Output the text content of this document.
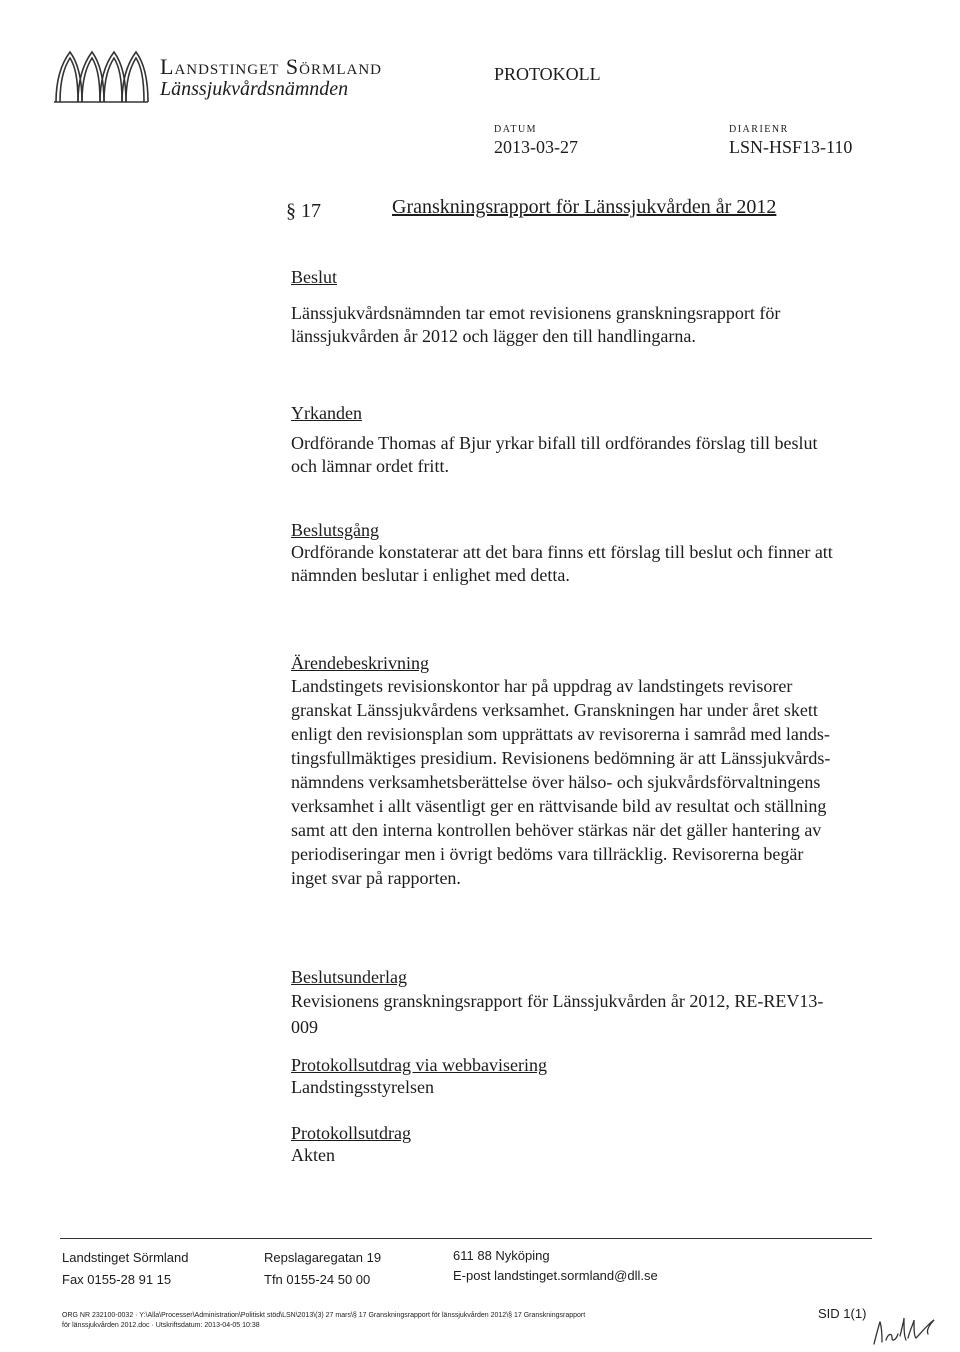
Landstinget Sörmland
Länssjukvårdsnämnden
PROTOKOLL
DATUM
2013-03-27
DIARIENR
LSN-HSF13-110
§ 17	Granskningsrapport för Länssjukvården år 2012
Beslut
Länssjukvårdsnämnden tar emot revisionens granskningsrapport för
länssjukvården år 2012 och lägger den till handlingarna.
Yrkanden
Ordförande Thomas af Bjur yrkar bifall till ordförandes förslag till beslut
och lämnar ordet fritt.
Beslutsgång
Ordförande konstaterar att det bara finns ett förslag till beslut och finner att
nämnden beslutar i enlighet med detta.
Ärendebeskrivning
Landstingets revisionskontor har på uppdrag av landstingets revisorer
granskat Länssjukvårdens verksamhet. Granskningen har under året skett
enligt den revisionsplan som upprättats av revisorerna i samråd med lands-
tingsfullmäktiges presidium. Revisionens bedömning är att Länssjukvårds-
nämndens verksamhetsberättelse över hälso- och sjukvårdsförvaltningens
verksamhet i allt väsentligt ger en rättvisande bild av resultat och ställning
samt att den interna kontrollen behöver stärkas när det gäller hantering av
periodiseringar men i övrigt bedöms vara tillräcklig. Revisorerna begär
inget svar på rapporten.
Beslutsunderlag
Revisionens granskningsrapport för Länssjukvården år 2012, RE-REV13-
009
Protokollsutdrag via webbavisering
Landstingsstyrelsen
Protokollsutdrag
Akten
Landstinget Sörmland
Fax 0155-28 91 15
Repslagaregatan 19
Tfn 0155-24 50 00
611 88 Nyköping
E-post landstinget.sormland@dll.se
ORG NR 232100-0032 · Y:\Alla\Processer\Administration\Politiskt stöd\LSN\2013\(3) 27 mars\§ 17 Granskningsrapport för länssjukvården 2012\§ 17 Granskningsrapport
för länssjukvården 2012.doc · Utskriftsdatum: 2013-04-05 10:38
SID 1(1)
